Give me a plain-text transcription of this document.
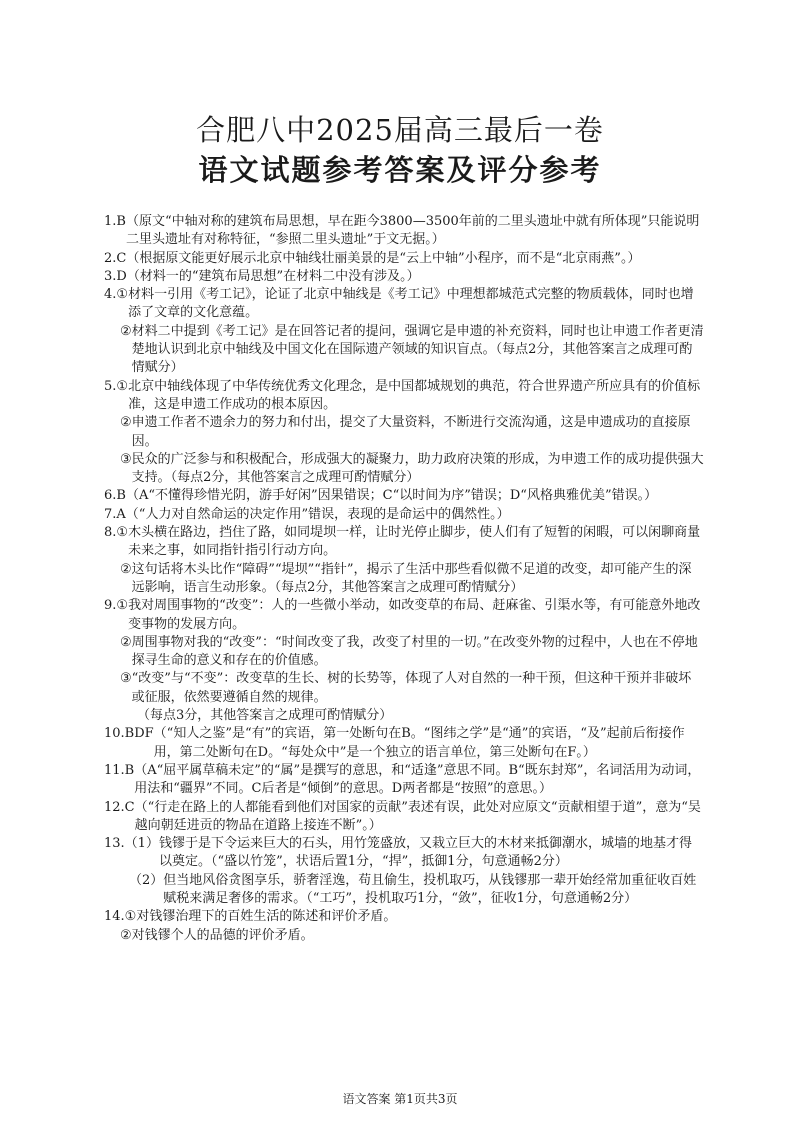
合肥八中2025届高三最后一卷
语文试题参考答案及评分参考
1.B （原文“中轴对称的建筑布局思想，早在距今3800—3500年前的二里头遗址中就有所体现”只能说明二里头遗址有对称特征，“参照二里头遗址”于文无据。）
2.C （根据原文能更好展示北京中轴线壮丽美景的是“云上中轴”小程序，而不是“北京雨燕”。）
3.D （材料一的“建筑布局思想”在材料二中没有涉及。）
4.① 材料一引用《考工记》，论证了北京中轴线是《考工记》中理想都城范式完整的物质载体，同时也增添了文章的文化意蕴。
② 材料二中提到《考工记》是在回答记者的提问，强调它是申遗的补充资料，同时也让申遗工作者更清楚地认识到北京中轴线及中国文化在国际遗产领域的知识盲点。（每点2分，其他答案言之成理可酌情赋分）
5.① 北京中轴线体现了中华传统优秀文化理念，是中国都城规划的典范，符合世界遗产所应具有的价值标准，这是申遗工作成功的根本原因。
② 申遗工作者不遗余力的努力和付出，提交了大量资料，不断进行交流沟通，这是申遗成功的直接原因。
③ 民众的广泛参与和积极配合，形成强大的凝聚力，助力政府决策的形成，为申遗工作的成功提供强大支持。（每点2分，其他答案言之成理可酌情赋分）
6.B （A“不懂得珍惜光阴，游手好闲”因果错误；C“以时间为序”错误；D“风格典雅优美”错误。）
7.A （“人力对自然命运的决定作用”错误，表现的是命运中的偶然性。）
8.① 木头横在路边，挡住了路，如同堤坝一样，让时光停止脚步，使人们有了短暂的闲暇，可以闲聊商量未来之事，如同指针指引行动方向。
② 这句话将木头比作“障碍”“堤坝”“指针”，揭示了生活中那些看似微不足道的改变，却可能产生的深远影响，语言生动形象。（每点2分，其他答案言之成理可酌情赋分）
9.① 我对周围事物的“改变”：人的一些微小举动，如改变草的布局、赶麻雀、引渠水等，有可能意外地改变事物的发展方向。
② 周围事物对我的“改变”：“时间改变了我，改变了村里的一切。”在改变外物的过程中，人也在不停地探寻生命的意义和存在的价值感。
③ “改变”与“不变”：改变草的生长、树的长势等，体现了人对自然的一种干预，但这种干预并非破坏或征服，依然要遵循自然的规律。
（每点3分，其他答案言之成理可酌情赋分）
10.BDF （“知人之鉴”是“有”的宾语，第一处断句在B。“图纬之学”是“通”的宾语，“及”起前后衔接作用，第二处断句在D。“每处众中”是一个独立的语言单位，第三处断句在F。）
11.B （A“屈平属草稿未定”的“属”是撰写的意思，和“适逢”意思不同。B“既东封郑”，名词活用为动词，用法和“疆界”不同。C后者是“倾倒”的意思。D两者都是“按照”的意思。）
12.C （“行走在路上的人都能看到他们对国家的贡献”表述有误，此处对应原文“贡献相望于道”，意为“吴越向朝廷进贡的物品在道路上接连不断”。）
13.（1） 钱镠于是下令运来巨大的石头，用竹笼盛放，又栽立巨大的木材来抵御潮水，城墙的地基才得以奠定。（“盛以竹笼”，状语后置1分，“捍”，抵御1分，句意通畅2分）
（2） 但当地风俗贪图享乐，骄奢淫逸，苟且偷生，投机取巧，从钱镠那一辈开始经常加重征收百姓赋税来满足奢侈的需求。（“工巧”，投机取巧1分，“敛”，征收1分，句意通畅2分）
14.① 对钱镠治理下的百姓生活的陈述和评价矛盾。
② 对钱镠个人的品德的评价矛盾。
语文答案 第1页共3页
